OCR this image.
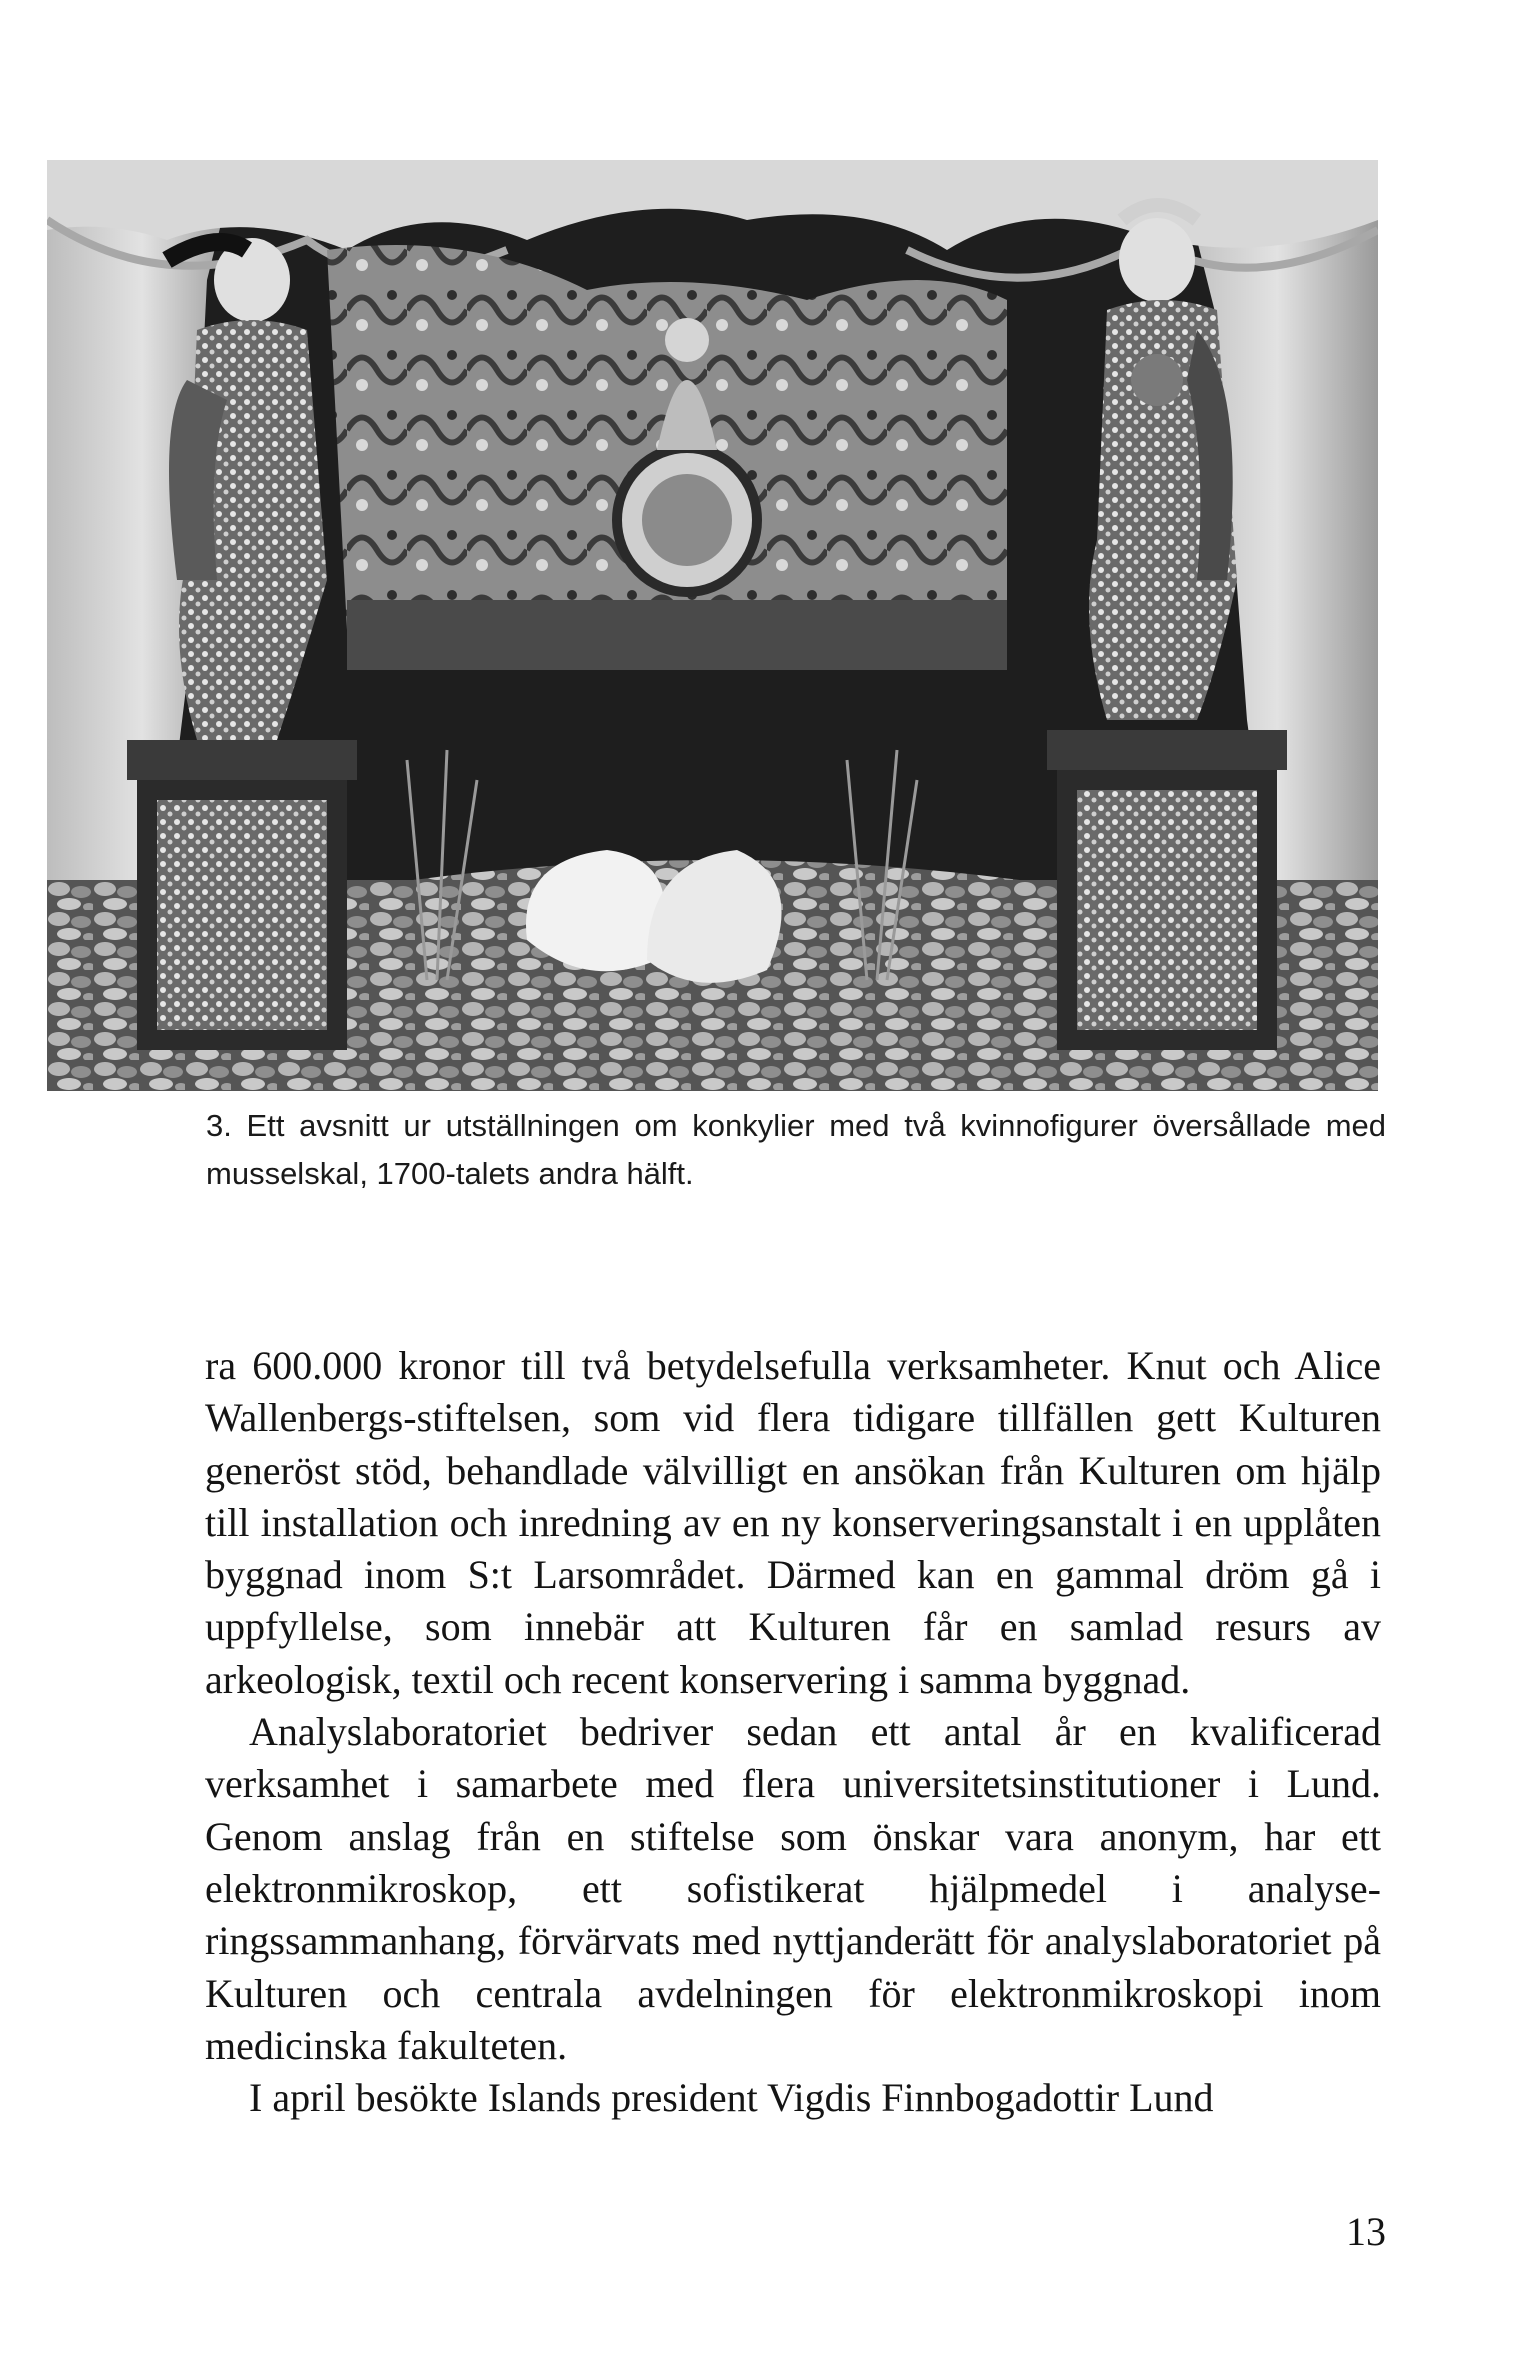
3. Ett avsnitt ur utställningen om konkylier med två kvinnofigurer översållade med musselskal, 1700-talets andra hälft.

ra 600.000 kronor till två betydelsefulla verksamheter. Knut och Alice Wallenbergs-stiftelsen, som vid flera tidigare tillfällen gett Kulturen generöst stöd, behandlade välvilligt en ansökan från Kulturen om hjälp till installation och inredning av en ny konserveringsanstalt i en upplåten byggnad inom S:t Larsområdet. Därmed kan en gammal dröm gå i uppfyllelse, som innebär att Kulturen får en samlad resurs av arkeologisk, textil och recent konservering i samma byggnad.

Analyslaboratoriet bedriver sedan ett antal år en kvalificerad verksamhet i samarbete med flera universitetsinstitutioner i Lund. Genom anslag från en stiftelse som önskar vara anonym, har ett elektronmikroskop, ett sofistikerat hjälpmedel i analyseringssammanhang, förvärvats med nyttjanderätt för analyslaboratoriet på Kulturen och centrala avdelningen för elektronmikroskopi inom medicinska fakulteten.

I april besökte Islands president Vigdis Finnbogadottir Lund

13
